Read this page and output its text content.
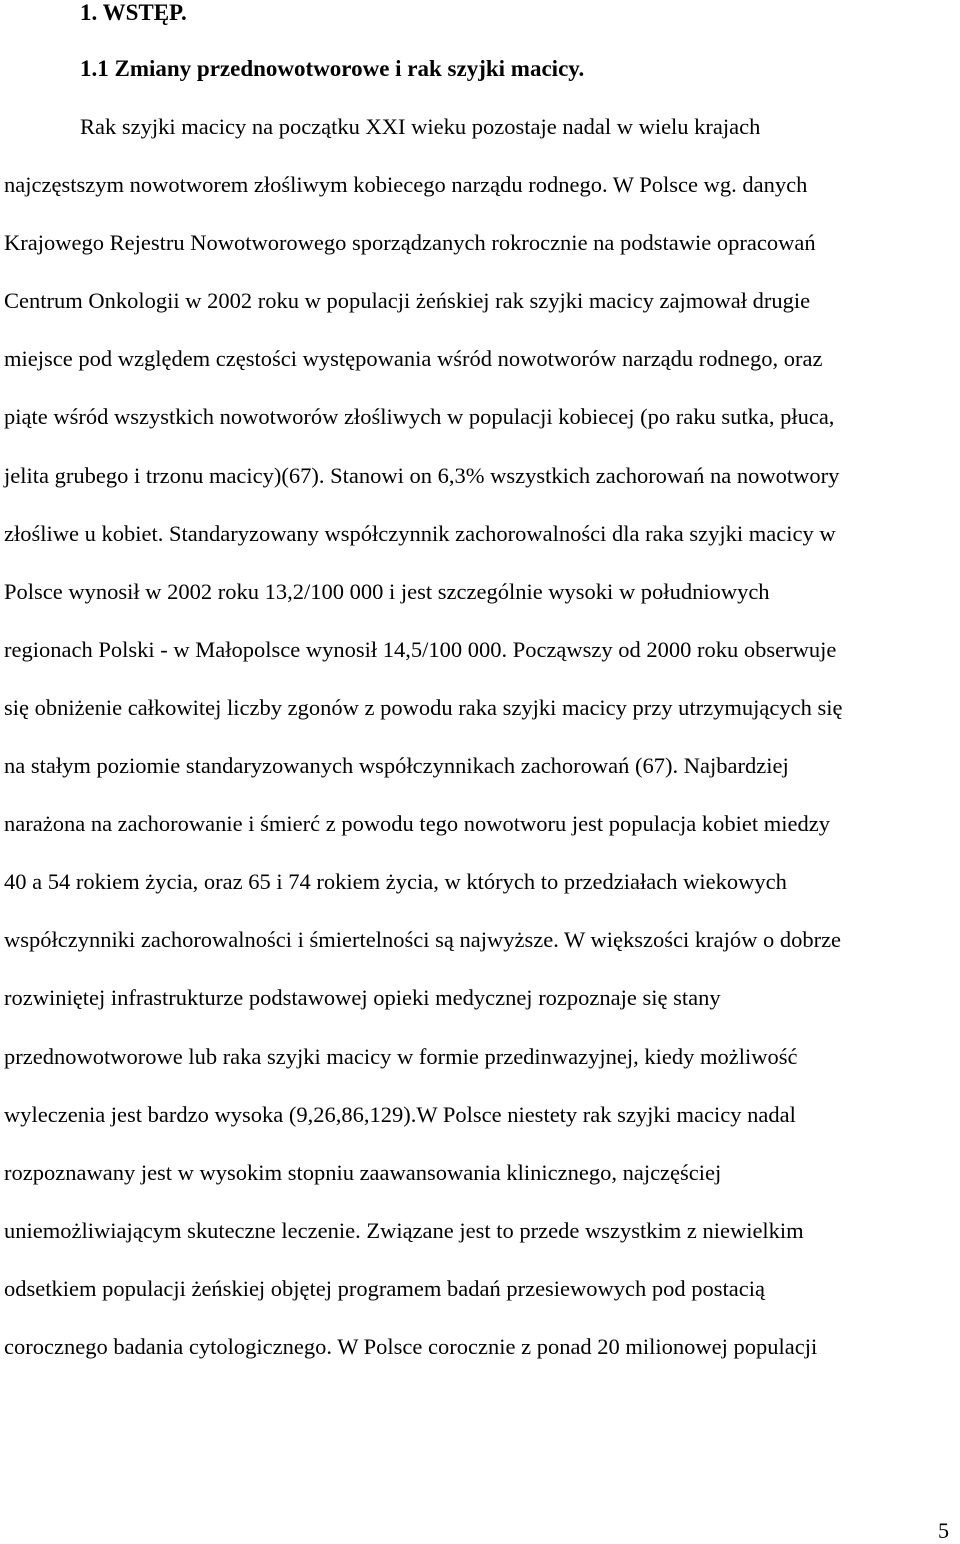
1. WSTĘP.
1.1 Zmiany przednowotworowe i rak szyjki macicy.
Rak szyjki macicy na początku XXI wieku pozostaje nadal w wielu krajach
najczęstszym nowotworem złośliwym kobiecego narządu rodnego. W Polsce wg. danych
Krajowego Rejestru Nowotworowego sporządzanych rokrocznie na podstawie opracowań
Centrum Onkologii w 2002 roku w populacji żeńskiej rak szyjki macicy zajmował drugie
miejsce pod względem częstości występowania wśród nowotworów narządu rodnego, oraz
piąte wśród wszystkich nowotworów złośliwych w populacji kobiecej (po raku sutka, płuca,
jelita grubego i trzonu macicy)(67). Stanowi on 6,3% wszystkich zachorowań na nowotwory
złośliwe u kobiet. Standaryzowany współczynnik zachorowalności dla raka szyjki macicy w
Polsce wynosił w 2002 roku 13,2/100 000 i jest szczególnie wysoki w południowych
regionach Polski - w Małopolsce wynosił 14,5/100 000. Począwszy od 2000 roku obserwuje
się obniżenie całkowitej liczby zgonów z powodu raka szyjki macicy przy utrzymujących się
na stałym poziomie standaryzowanych współczynnikach zachorowań (67). Najbardziej
narażona na zachorowanie i śmierć z powodu tego nowotworu jest populacja kobiet miedzy
40 a 54 rokiem życia, oraz 65 i 74 rokiem życia, w których to przedziałach wiekowych
współczynniki zachorowalności i śmiertelności są najwyższe. W większości krajów o dobrze
rozwiniętej infrastrukturze podstawowej opieki medycznej rozpoznaje się stany
przednowotworowe lub raka szyjki macicy w formie przedinwazyjnej, kiedy możliwość
wyleczenia jest bardzo wysoka (9,26,86,129).W Polsce niestety rak szyjki macicy nadal
rozpoznawany jest w wysokim stopniu zaawansowania klinicznego, najczęściej
uniemożliwiającym skuteczne leczenie. Związane jest to przede wszystkim z niewielkim
odsetkiem populacji żeńskiej objętej programem badań przesiewowych pod postacią
corocznego badania cytologicznego. W Polsce corocznie z ponad 20 milionowej populacji
5
